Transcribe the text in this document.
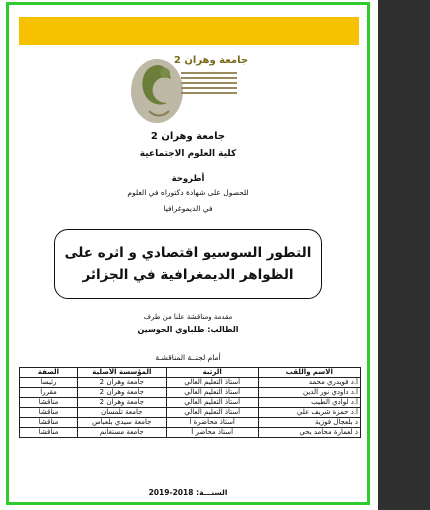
جامعة وهران 2
جامعة وهران 2
كلية العلوم الاجتماعية
أطروحة
للحصول على شهادة دكتوراه في العلوم
في الديموغرافيا
التطور السوسيو اقتصادي و اثره على
الظواهر الديمغرافية في الجزائر
مقدمة ومناقشة علنا من طرف
الطالب: طلباوي الحوسين
أمام لجنــة المناقشـة
الاسم واللقب	الرتبة	المؤسسة الأصلية	الصفة
أ.د فويدري محمد	أستاذ التعليم العالي	جامعة وهران 2	رئيسا
أ.د داودي نور الدين	أستاذ التعليم العالي	جامعة وهران 2	مقررا
أ.د لوادي الطيب	أستاذ التعليم العالي	جامعة وهران 2	مناقشا
أ.د حمزة شريف علي	أستاذ التعليم العالي	جامعة تلمسان	مناقشا
د بلعجال فوزية	أستاذ محاضرة أ	جامعة سيدي بلعباس	مناقشا
د لعمارة محامد يحي	أستاذ محاضر أ	جامعة مستغانم	مناقشا
السنـــة: 2018-2019
